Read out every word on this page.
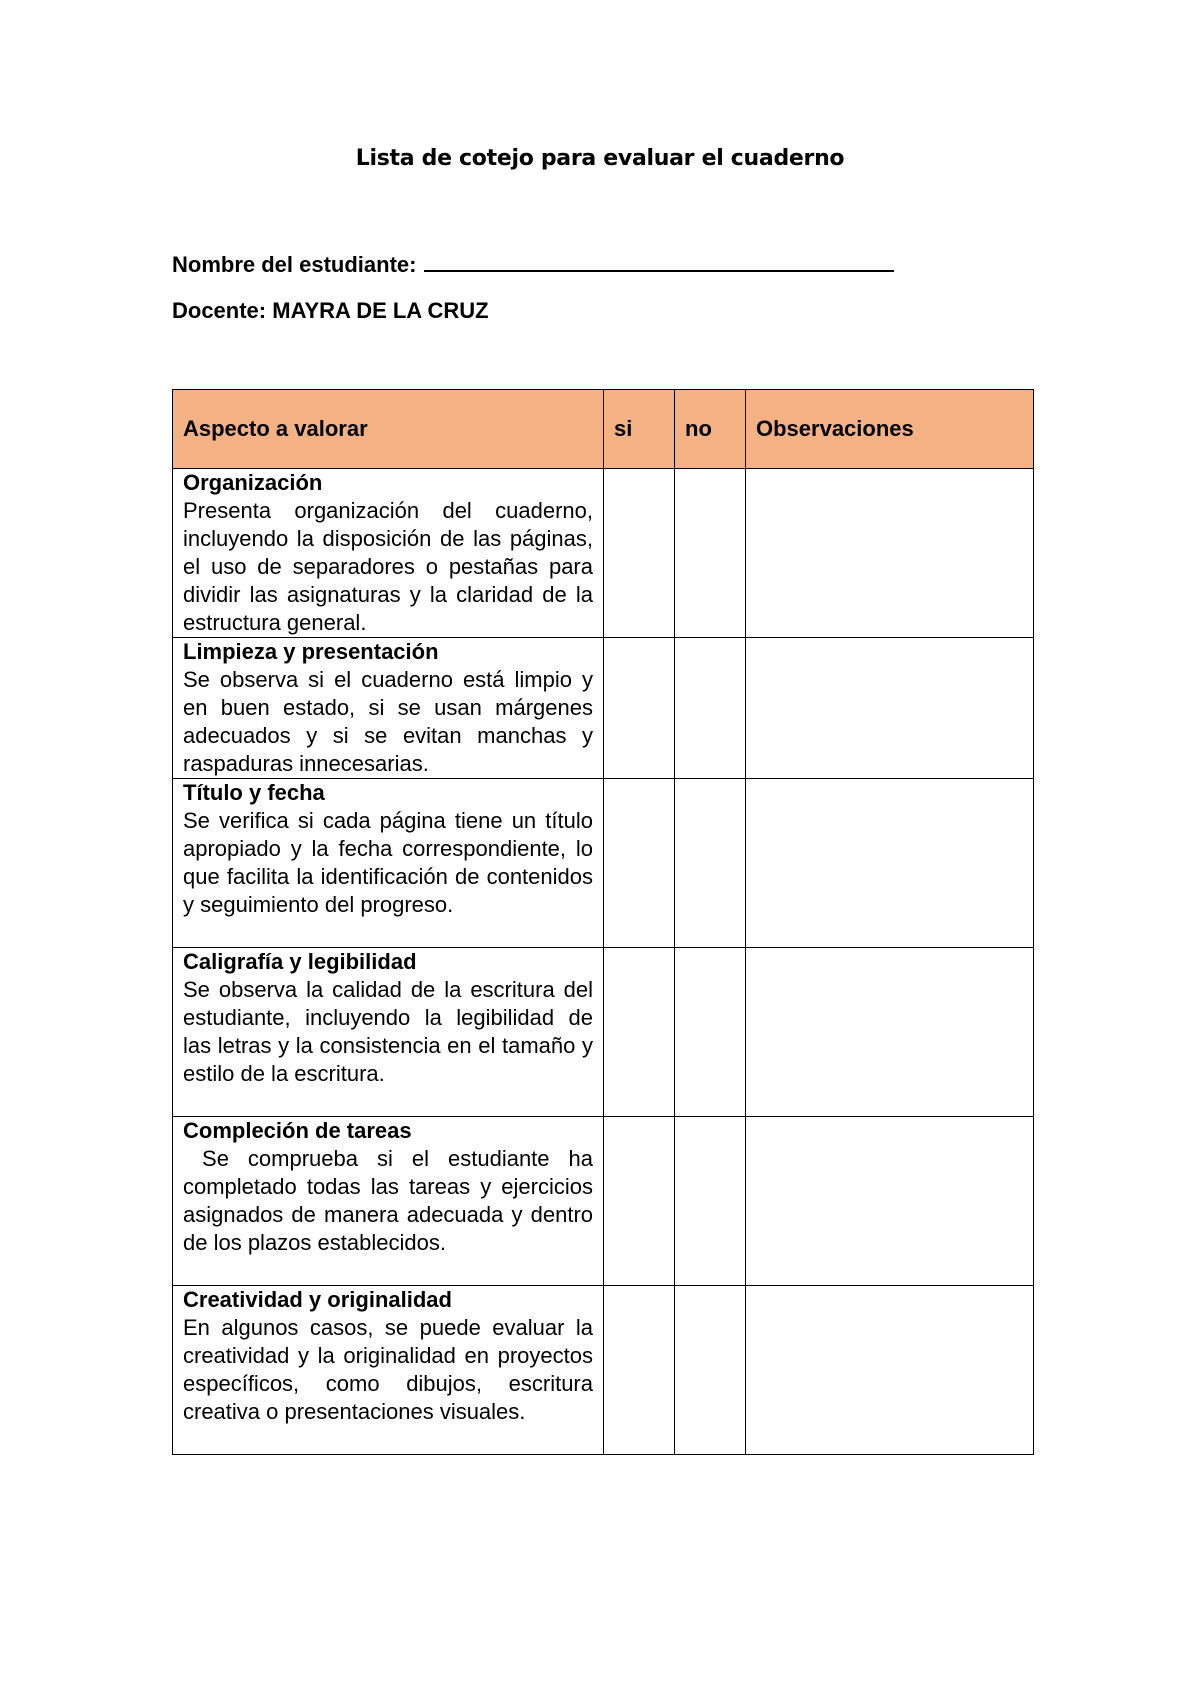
Lista de cotejo para evaluar el cuaderno
Nombre del estudiante:
Docente: MAYRA DE LA CRUZ
Aspecto a valorar	si	no	Observaciones

Organización
Presenta organización del cuaderno, incluyendo la disposición de las páginas, el uso de separadores o pestañas para dividir las asignaturas y la claridad de la estructura general.			

Limpieza y presentación
Se observa si el cuaderno está limpio y en buen estado, si se usan márgenes adecuados y si se evitan manchas y raspaduras innecesarias.			

Título y fecha
Se verifica si cada página tiene un título apropiado y la fecha correspondiente, lo que facilita la identificación de contenidos y seguimiento del progreso.			

Caligrafía y legibilidad
Se observa la calidad de la escritura del estudiante, incluyendo la legibilidad de las letras y la consistencia en el tamaño y estilo de la escritura.			

Compleción de tareas
Se comprueba si el estudiante ha completado todas las tareas y ejercicios asignados de manera adecuada y dentro de los plazos establecidos.			

Creatividad y originalidad
En algunos casos, se puede evaluar la creatividad y la originalidad en proyectos específicos, como dibujos, escritura creativa o presentaciones visuales.			
